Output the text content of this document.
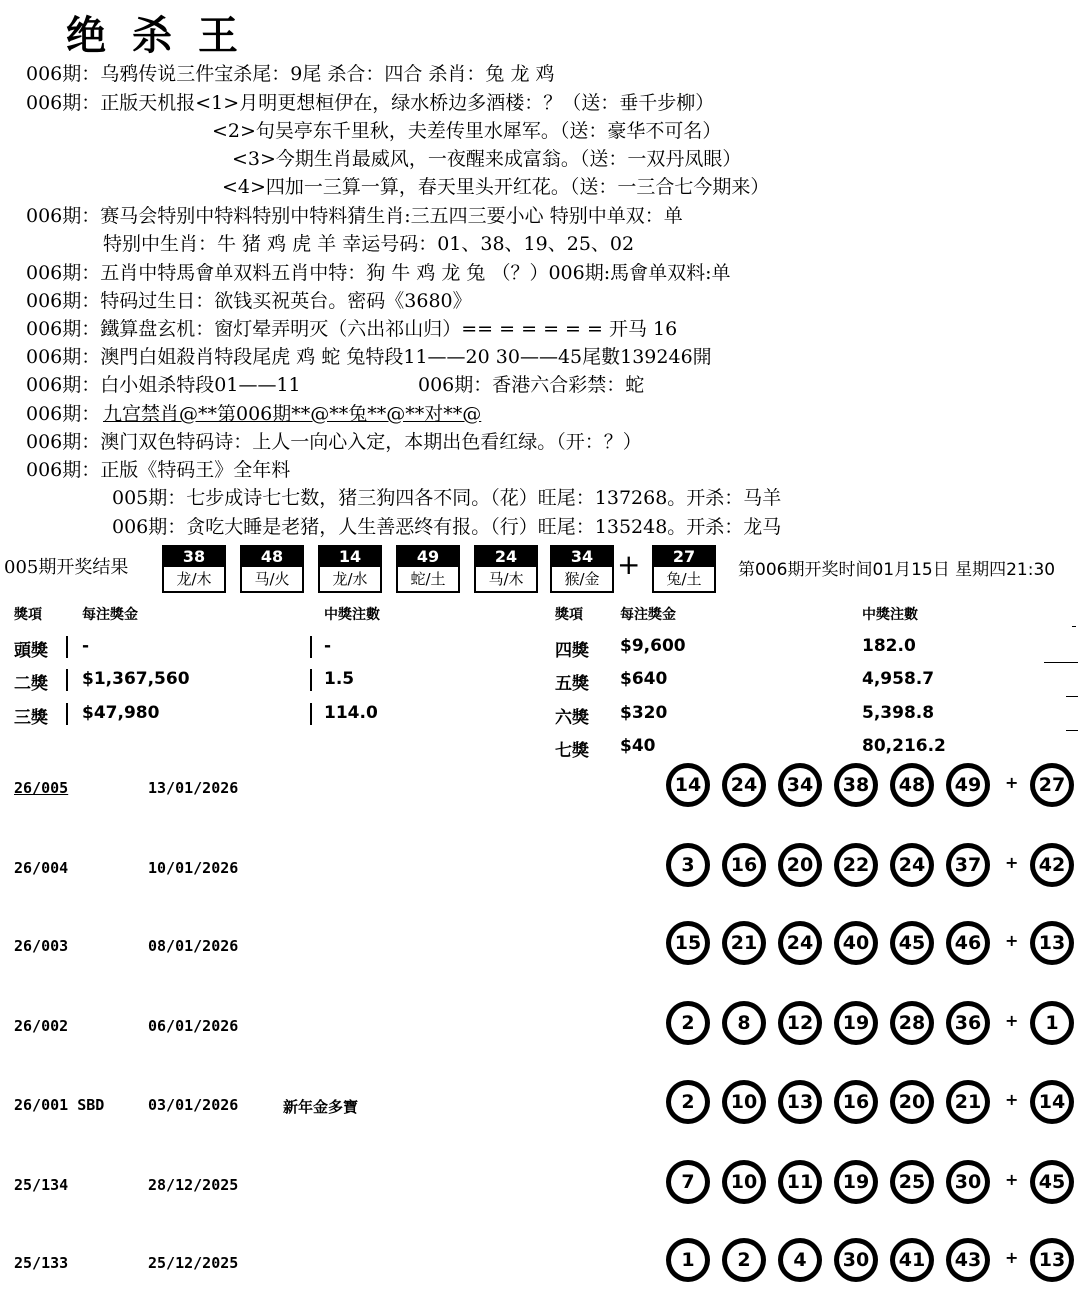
绝杀王
006期：乌鸦传说三件宝杀尾：9尾 杀合：四合 杀肖：兔 龙 鸡
006期：正版天机报<1>月明更想桓伊在，绿水桥边多酒楼：？（送：垂千步柳）
<2>句吴亭东千里秋，夫差传里水犀军。（送：豪华不可名）
<3>今期生肖最威风，一夜醒来成富翁。（送：一双丹凤眼）
<4>四加一三算一算，春天里头开红花。（送：一三合七今期来）
006期：赛马会特别中特料特别中特料猜生肖:三五四三要小心 特别中单双：单
特别中生肖：牛 猪 鸡 虎 羊 幸运号码：01、38、19、25、02
006期：五肖中特馬會单双料五肖中特：狗 牛 鸡 龙 兔 （？）006期:馬會单双料:单
006期：特码过生日：欲钱买祝英台。密码《3680》
006期：鐵算盘玄机：窗灯晕弄明灭（六出祁山归）== = = = = = 开马 16
006期：澳門白姐殺肖特段尾虎 鸡 蛇 兔特段11——20 30——45尾數139246開
006期：白小姐杀特段01——11	006期：香港六合彩禁：蛇
006期： 九宫禁肖@**第006期**@**兔**@**对**@
006期：澳门双色特码诗：上人一向心入定，本期出色看红绿。（开：？）
006期：正版《特码王》全年料
005期：七步成诗七七数，猪三狗四各不同。（花）旺尾：137268。开杀：马羊
006期：贪吃大睡是老猪，人生善恶终有报。（行）旺尾：135248。开杀：龙马
005期开奖结果
38
龙/木
48
马/火
14
龙/水
49
蛇/土
24
马/木
34
猴/金 +	27
兔/土	第006期开奖时间01月15日 星期四21:30
獎項	每注獎金	中獎注數	獎項	每注獎金	中獎注數
頭獎 -	-
二獎 $1,367,560	1.5
三獎 $47,980	114.0
四獎 $9,600	182.0
五獎 $640	4,958.7
六獎 $320	5,398.8
七獎 $40	80,216.2
26/005	13/01/2026	14 24 34 38 48 49 + 27
26/004	10/01/2026	3	16 20 22 24 37 + 42
26/003	08/01/2026	15 21 24 40 45 46 + 13
26/002	06/01/2026	2	8	12 19 28 36 +	1
26/001 SBD	03/01/2026	新年金多寶	2	10 13 16 20 21 + 14
25/134	28/12/2025	7	10 11 19 25 30 + 45
25/133	25/12/2025	1	2	4	30 41 43 + 13
